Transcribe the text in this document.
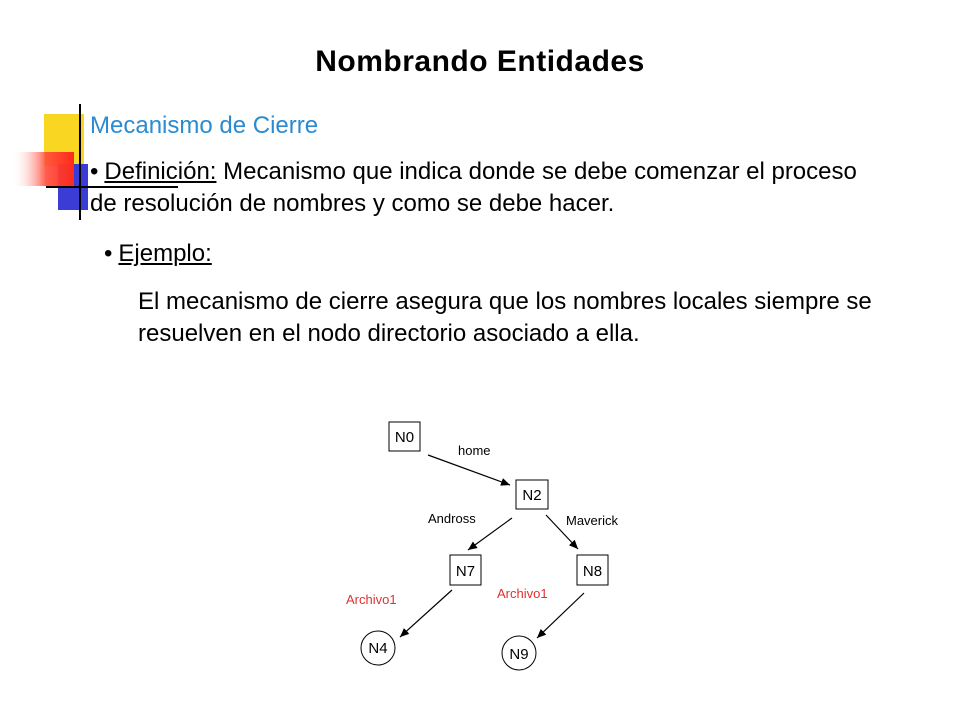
Nombrando Entidades
Mecanismo de Cierre
• Definición: Mecanismo que indica donde se debe comenzar el proceso de resolución de nombres y como se debe hacer.
• Ejemplo:
El mecanismo de cierre asegura que los nombres locales siempre se resuelven en el nodo directorio asociado a ella.
N0
N2
N7	N8
N4	N9
home
Andross	Maverick
Archivo1	Archivo1
